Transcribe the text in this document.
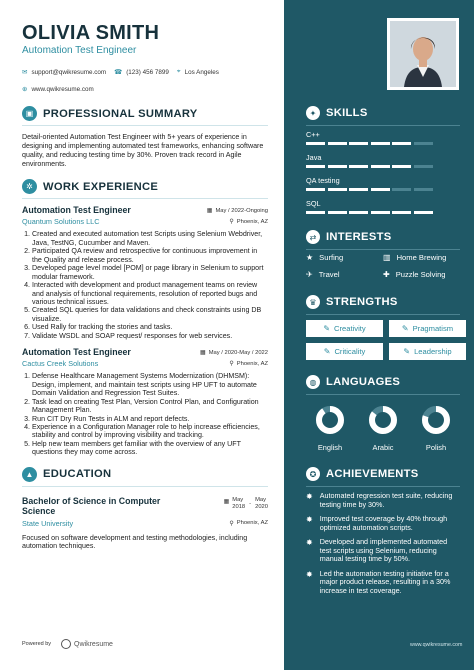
OLIVIA SMITH
Automation Test Engineer
✉ support@qwikresume.com ☎ (123) 456 7899 ⌖ Los Angeles
⊕ www.qwikresume.com
▣ PROFESSIONAL SUMMARY

Detail-oriented Automation Test Engineer with 5+ years of experience in designing and implementing automated test frameworks, enhancing software quality, and reducing testing time by 30%. Proven track record in Agile environments.

✲ WORK EXPERIENCE
Automation Test Engineer	▦ May / 2022-Ongoing
Quantum Solutions LLC	⚲ Phoenix, AZ
1. Created and executed automation test Scripts using Selenium Webdriver, Java, TestNG, Cucumber and Maven.
2. Participated QA review and retrospective for continuous improvement in the Quality and release process.
3. Developed page level model [POM] or page library in Selenium to support modular framework.
4. Interacted with development and product management teams on review and analysis of functional requirements, resolution of reported bugs and various technical issues.
5. Created SQL queries for data validations and check constraints using DB visualize.
6. Used Rally for tracking the stories and tasks.
7. Validate WSDL and SOAP request/ responses for web services.
Automation Test Engineer	▦ May / 2020-May / 2022
Cactus Creek Solutions	⚲ Phoenix, AZ
1. Defense Healthcare Management Systems Modernization (DHMSM): Design, implement, and maintain test scripts using HP UFT to automate Domain Validation and Regression Test Suites.
2. Task lead on creating Test Plan, Version Control Plan, and Configuration Management Plan.
3. Run CIT Dry Run Tests in ALM and report defects.
4. Experience in a Configuration Manager role to help increase efficiencies, stability and control by improving visibility and tracking.
5. Help new team members get familiar with the overview of any UFT questions they may come across.
▲ EDUCATION
Bachelor of Science in Computer Science
▦ May
2018 -
May
2020
State University	⚲ Phoenix, AZ

Focused on software development and testing methodologies, including automation techniques.

Powered by	Qwikresume
✦ SKILLS
C++
Java
QA testing
SQL
⇄ INTERESTS
★ Surfing	▥ Home Brewing
✈ Travel	✚ Puzzle Solving
♛ STRENGTHS
✎ Creativity	✎ Pragmatism
✎ Criticality	✎ Leadership
◍ LANGUAGES
English	Arabic	Polish
✪ ACHIEVEMENTS
✸ Automated regression test suite, reducing testing time by 30%.
✸ Improved test coverage by 40% through optimized automation scripts.
✸ Developed and implemented automated test scripts using Selenium, reducing manual testing time by 50%.
✸ Led the automation testing initiative for a major product release, resulting in a 30% increase in test coverage.
www.qwikresume.com
